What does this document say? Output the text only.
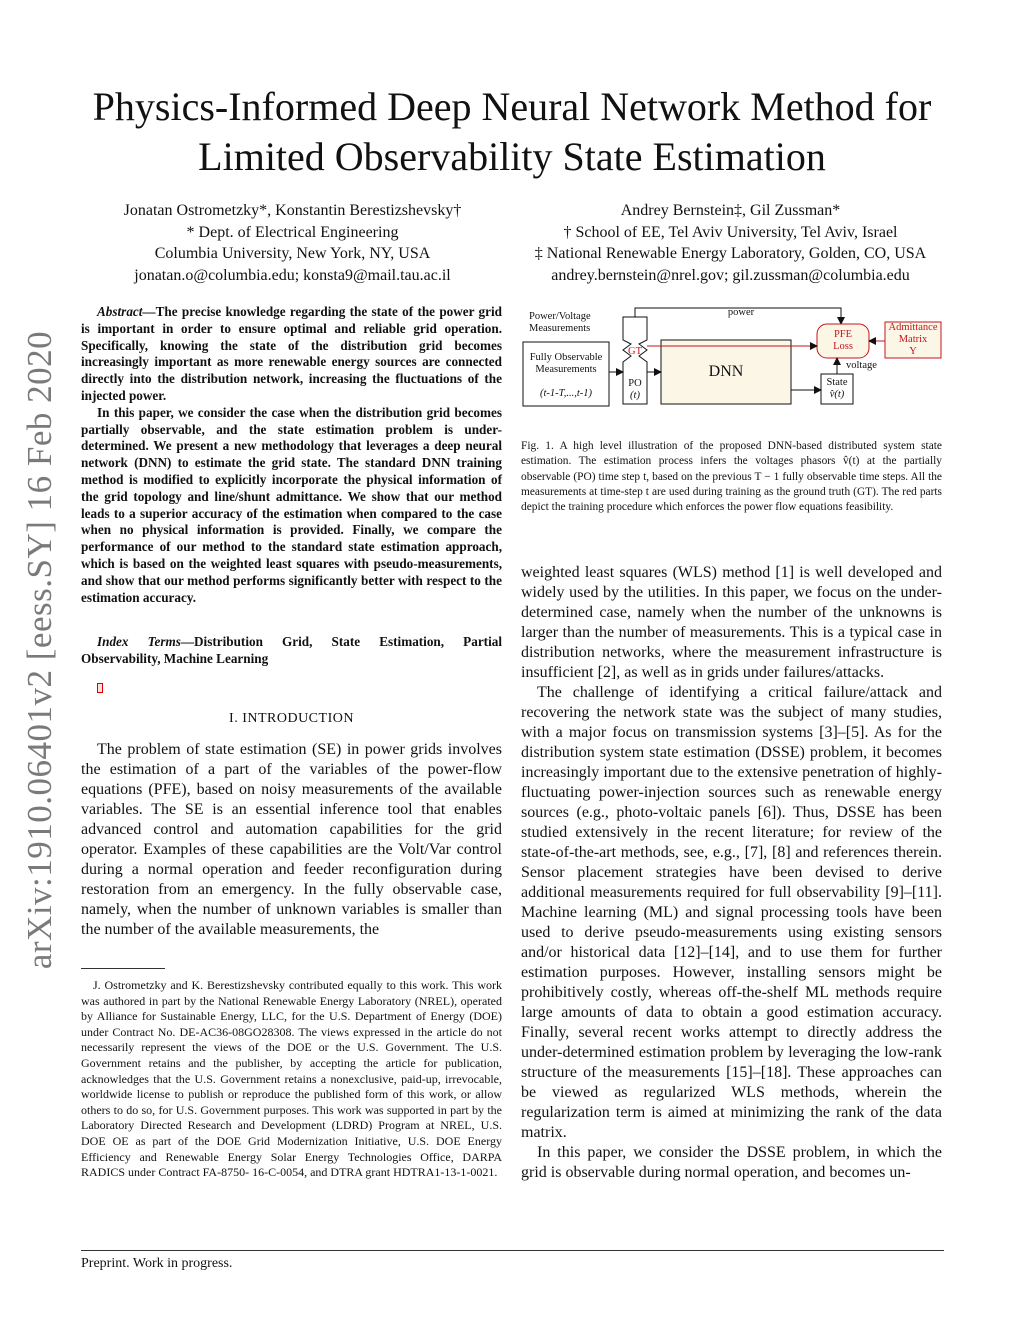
arXiv:1910.06401v2 [eess.SY] 16 Feb 2020
Physics-Informed Deep Neural Network Method for
Limited Observability State Estimation
Jonatan Ostrometzky*, Konstantin Berestizshevsky†
* Dept. of Electrical Engineering
Columbia University, New York, NY, USA
jonatan.o@columbia.edu; konsta9@mail.tau.ac.il
Andrey Bernstein‡, Gil Zussman*
† School of EE, Tel Aviv University, Tel Aviv, Israel
‡ National Renewable Energy Laboratory, Golden, CO, USA
andrey.bernstein@nrel.gov; gil.zussman@columbia.edu

Abstract—The precise knowledge regarding the state of the power grid is important in order to ensure optimal and reliable grid operation. Specifically, knowing the state of the distribution grid becomes increasingly important as more renewable energy sources are connected directly into the distribution network, increasing the fluctuations of the injected power.

In this paper, we consider the case when the distribution grid becomes partially observable, and the state estimation problem is under-determined. We present a new methodology that leverages a deep neural network (DNN) to estimate the grid state. The standard DNN training method is modified to explicitly incorporate the physical information of the grid topology and line/shunt admittance. We show that our method leads to a superior accuracy of the estimation when compared to the case when no physical information is provided. Finally, we compare the performance of our method to the standard state estimation approach, which is based on the weighted least squares with pseudo-measurements, and show that our method performs significantly better with respect to the estimation accuracy.

Index Terms—Distribution Grid, State Estimation, Partial Observability, Machine Learning
I. INTRODUCTION

The problem of state estimation (SE) in power grids involves the estimation of a part of the variables of the power-flow equations (PFE), based on noisy measurements of the available variables. The SE is an essential inference tool that enables advanced control and automation capabilities for the grid operator. Examples of these capabilities are the Volt/Var control during a normal operation and feeder reconfiguration during restoration from an emergency. In the fully observable case, namely, when the number of unknown variables is smaller than the number of the available measurements, the

J. Ostrometzky and K. Berestizshevsky contributed equally to this work. This work was authored in part by the National Renewable Energy Laboratory (NREL), operated by Alliance for Sustainable Energy, LLC, for the U.S. Department of Energy (DOE) under Contract No. DE-AC36-08GO28308. The views expressed in the article do not necessarily represent the views of the DOE or the U.S. Government. The U.S. Government retains and the publisher, by accepting the article for publication, acknowledges that the U.S. Government retains a nonexclusive, paid-up, irrevocable, worldwide license to publish or reproduce the published form of this work, or allow others to do so, for U.S. Government purposes. This work was supported in part by the Laboratory Directed Research and Development (LDRD) Program at NREL, U.S. DOE OE as part of the DOE Grid Modernization Initiative, U.S. DOE Energy Efficiency and Renewable Energy Solar Energy Technologies Office, DARPA RADICS under Contract FA-8750- 16-C-0054, and DTRA grant HDTRA1-13-1-0021.
Power/Voltage
Measurements
Fully Observable
Measurements
(t-1-T,...,t-1)
GT
PO
(t)
DNN
power
PFE
Loss
Admittance
Matrix
Y
voltage
State
v̂(t)
Fig. 1. A high level illustration of the proposed DNN-based distributed system state estimation. The estimation process infers the voltages phasors v̂(t) at the partially observable (PO) time step t, based on the previous T − 1 fully observable time steps. All the measurements at time-step t are used during training as the ground truth (GT). The red parts depict the training procedure which enforces the power flow equations feasibility.

weighted least squares (WLS) method [1] is well developed and widely used by the utilities. In this paper, we focus on the under-determined case, namely when the number of the unknowns is larger than the number of measurements. This is a typical case in distribution networks, where the measurement infrastructure is insufficient [2], as well as in grids under failures/attacks.

The challenge of identifying a critical failure/attack and recovering the network state was the subject of many studies, with a major focus on transmission systems [3]–[5]. As for the distribution system state estimation (DSSE) problem, it becomes increasingly important due to the extensive penetration of highly-fluctuating power-injection sources such as renewable energy sources (e.g., photo-voltaic panels [6]). Thus, DSSE has been studied extensively in the recent literature; for review of the state-of-the-art methods, see, e.g., [7], [8] and references therein. Sensor placement strategies have been devised to derive additional measurements required for full observability [9]–[11]. Machine learning (ML) and signal processing tools have been used to derive pseudo-measurements using existing sensors and/or historical data [12]–[14], and to use them for further estimation purposes. However, installing sensors might be prohibitively costly, whereas off-the-shelf ML methods require large amounts of data to obtain a good estimation accuracy. Finally, several recent works attempt to directly address the under-determined estimation problem by leveraging the low-rank structure of the measurements [15]–[18]. These approaches can be viewed as regularized WLS methods, wherein the regularization term is aimed at minimizing the rank of the data matrix.

In this paper, we consider the DSSE problem, in which the grid is observable during normal operation, and becomes un-

Preprint. Work in progress.
